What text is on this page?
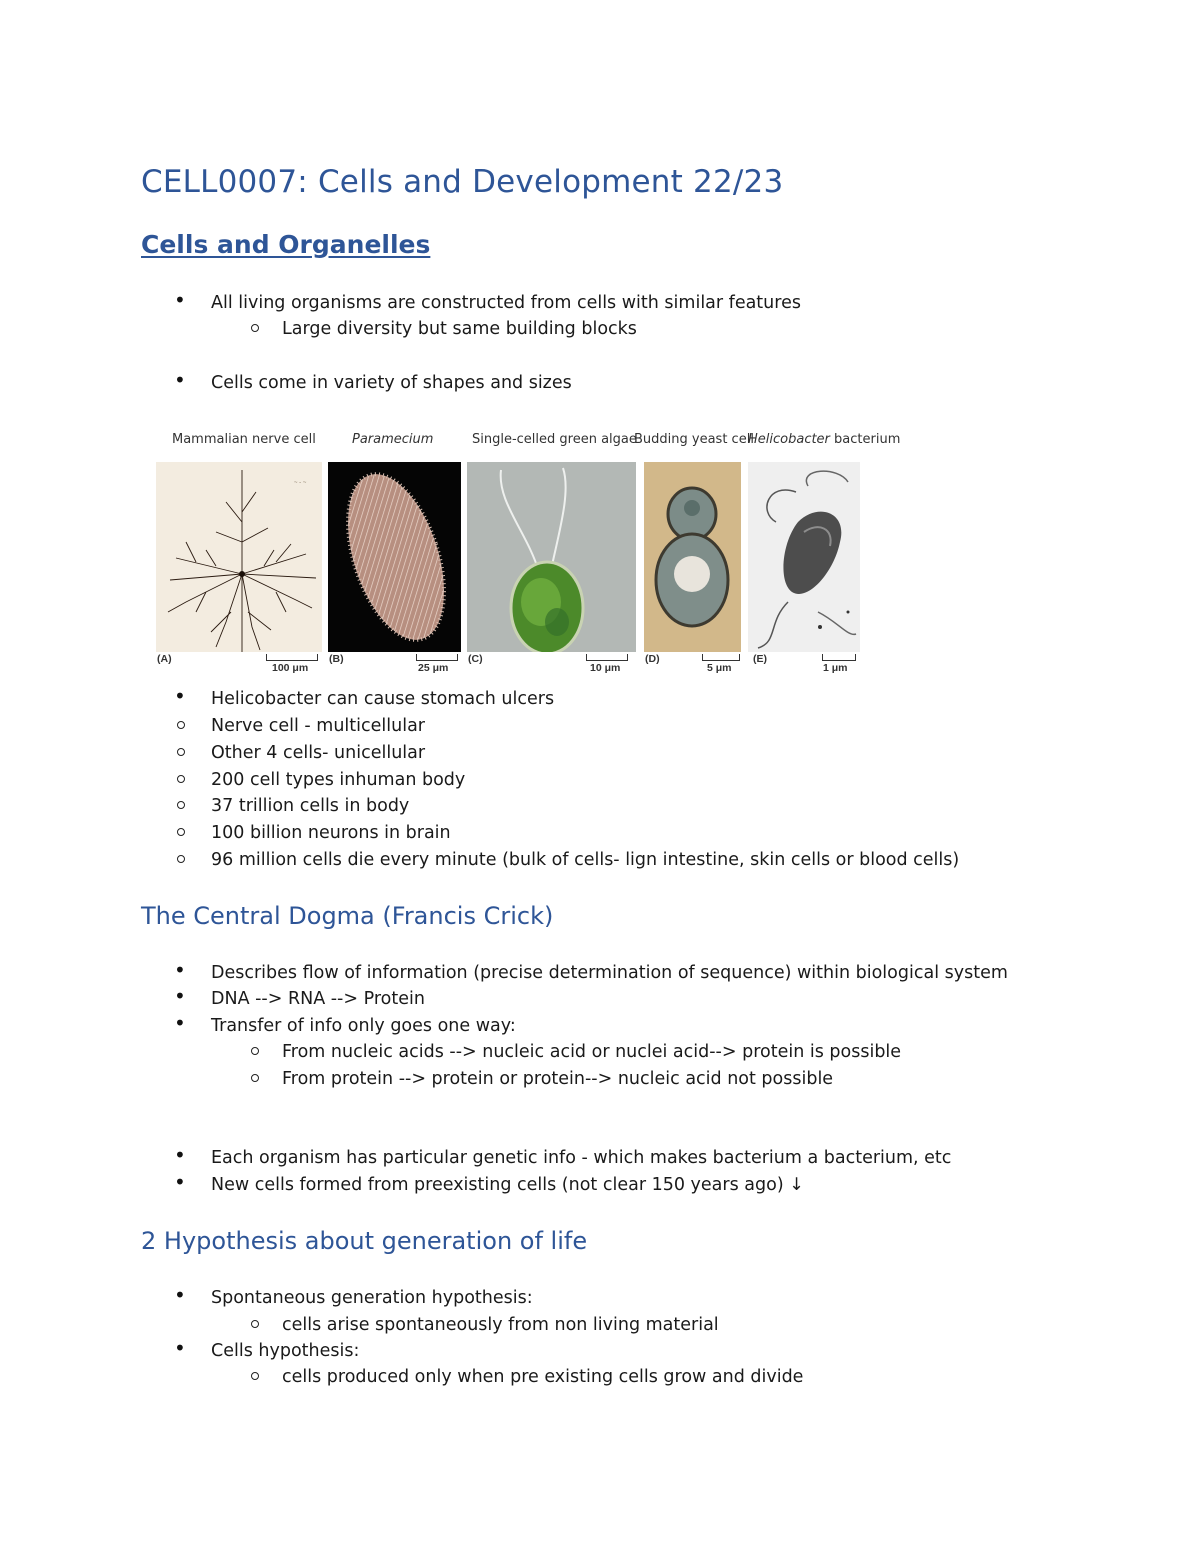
CELL0007: Cells and Development 22/23
Cells and Organelles
• All living organisms are constructed from cells with similar features
Large diversity but same building blocks
• Cells come in variety of shapes and sizes
Mammalian nerve cell	Paramecium	Single-celled green algae
Budding yeast cell
Helicobacter bacterium
~ - ~
(A)
100 μm
(B)
25 μm
(C)
10 μm
(D)
5 μm
(E)
1 μm
• Helicobacter can cause stomach ulcers
Nerve cell - multicellular
Other 4 cells- unicellular
200 cell types inhuman body
37 trillion cells in body
100 billion neurons in brain
96 million cells die every minute (bulk of cells- lign intestine, skin cells or blood cells)
The Central Dogma (Francis Crick)
• Describes flow of information (precise determination of sequence) within biological system
• DNA --> RNA --> Protein
• Transfer of info only goes one way:
From nucleic acids --> nucleic acid or nuclei acid--> protein is possible
From protein --> protein or protein--> nucleic acid not possible
• Each organism has particular genetic info - which makes bacterium a bacterium, etc
• New cells formed from preexisting cells (not clear 150 years ago) ↓
2 Hypothesis about generation of life
• Spontaneous generation hypothesis:
cells arise spontaneously from non living material
• Cells hypothesis:
cells produced only when pre existing cells grow and divide
